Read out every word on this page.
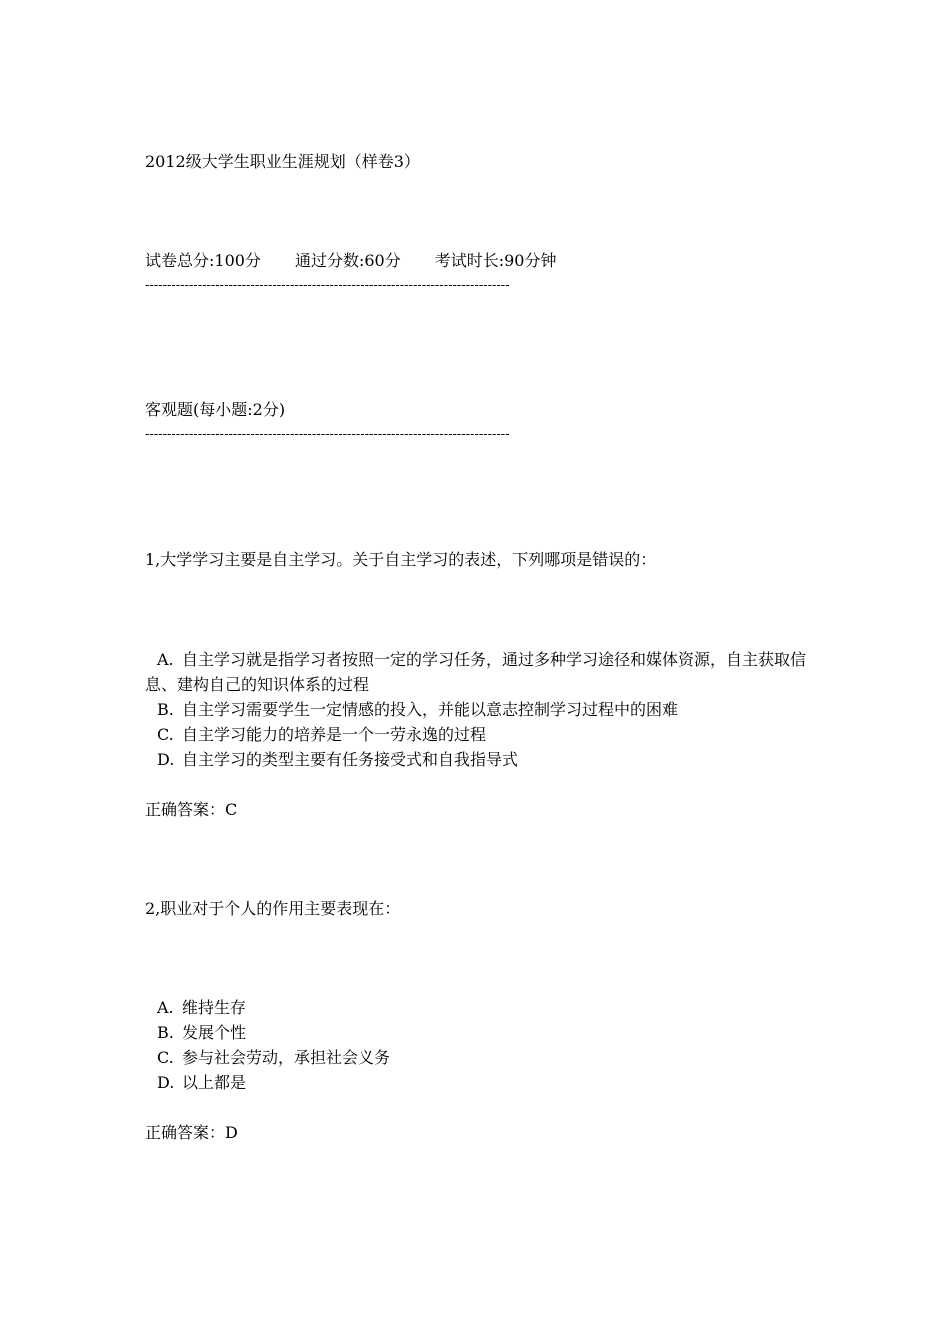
2012级大学生职业生涯规划（样卷3）
试卷总分:100分 通过分数:60分 考试时长:90分钟
-----------------------------------------------------------------------------------
客观题(每小题:2分)
-----------------------------------------------------------------------------------
1,大学学习主要是自主学习。关于自主学习的表述，下列哪项是错误的：
A. 自主学习就是指学习者按照一定的学习任务，通过多种学习途径和媒体资源，自主获取信息、建构自己的知识体系的过程
B. 自主学习需要学生一定情感的投入，并能以意志控制学习过程中的困难
C. 自主学习能力的培养是一个一劳永逸的过程
D. 自主学习的类型主要有任务接受式和自我指导式
正确答案：C
2,职业对于个人的作用主要表现在：
A. 维持生存
B. 发展个性
C. 参与社会劳动，承担社会义务
D. 以上都是
正确答案：D
